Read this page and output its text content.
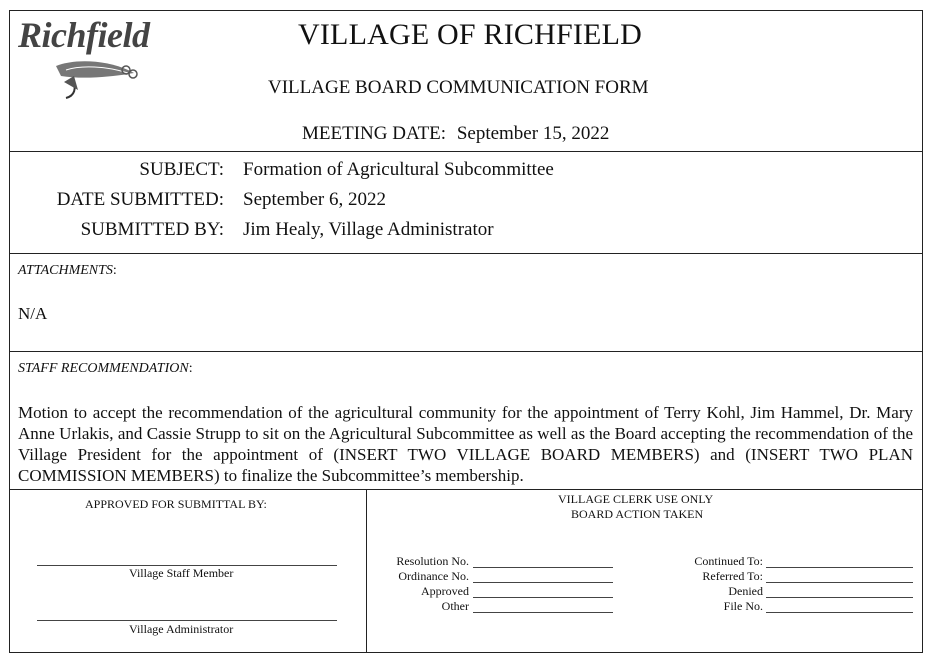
Richfield	VILLAGE OF RICHFIELD
VILLAGE BOARD COMMUNICATION FORM
MEETING DATE: September 15, 2022
SUBJECT: Formation of Agricultural Subcommittee
DATE SUBMITTED: September 6, 2022
SUBMITTED BY: Jim Healy, Village Administrator
ATTACHMENTS:
N/A
STAFF RECOMMENDATION:
Motion to accept the recommendation of the agricultural community for the appointment of Terry Kohl, Jim Hammel, Dr. Mary Anne Urlakis, and Cassie Strupp to sit on the Agricultural Subcommittee as well as the Board accepting the recommendation of the Village President for the appointment of (INSERT TWO VILLAGE BOARD MEMBERS) and (INSERT TWO PLAN COMMISSION MEMBERS) to finalize the Subcommittee’s membership.
APPROVED FOR SUBMITTAL BY:
Village Staff Member
Village Administrator
VILLAGE CLERK USE ONLY
BOARD ACTION TAKEN
Resolution No.
Ordinance No.
Approved
Other
Continued To:
Referred To:
Denied
File No.
